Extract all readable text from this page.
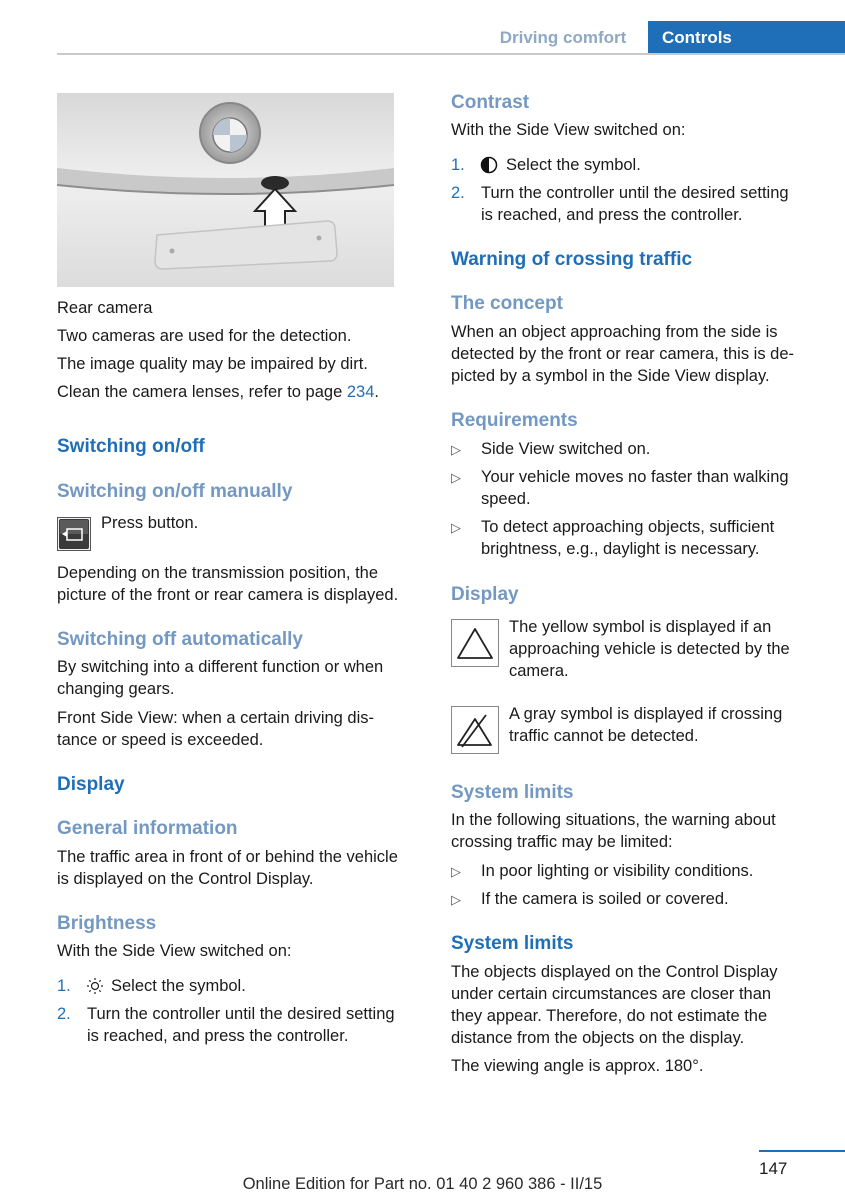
Driving comfort	Controls
Rear camera
Two cameras are used for the detection.
The image quality may be impaired by dirt.
Clean the camera lenses, refer to page 234.
Switching on/off
Switching on/off manually
Press button.
Depending on the transmission position, the
picture of the front or rear camera is displayed.
Switching off automatically
By switching into a different function or when
changing gears.
Front Side View: when a certain driving dis‐
tance or speed is exceeded.
Display
General information
The traffic area in front of or behind the vehicle
is displayed on the Control Display.
Brightness
With the Side View switched on:
1. Select the symbol.
2. Turn the controller until the desired setting
is reached, and press the controller.
Contrast
With the Side View switched on:
1. Select the symbol.
2. Turn the controller until the desired setting
is reached, and press the controller.
Warning of crossing traffic
The concept
When an object approaching from the side is
detected by the front or rear camera, this is de‐
picted by a symbol in the Side View display.
Requirements
▷ Side View switched on.
▷ Your vehicle moves no faster than walking
speed.
▷ To detect approaching objects, sufficient
brightness, e.g., daylight is necessary.
Display
The yellow symbol is displayed if an
approaching vehicle is detected by the
camera.
A gray symbol is displayed if crossing
traffic cannot be detected.
System limits
In the following situations, the warning about
crossing traffic may be limited:
▷ In poor lighting or visibility conditions.
▷ If the camera is soiled or covered.
System limits
The objects displayed on the Control Display
under certain circumstances are closer than
they appear. Therefore, do not estimate the
distance from the objects on the display.
The viewing angle is approx. 180°.
147
Online Edition for Part no. 01 40 2 960 386 - II/15
